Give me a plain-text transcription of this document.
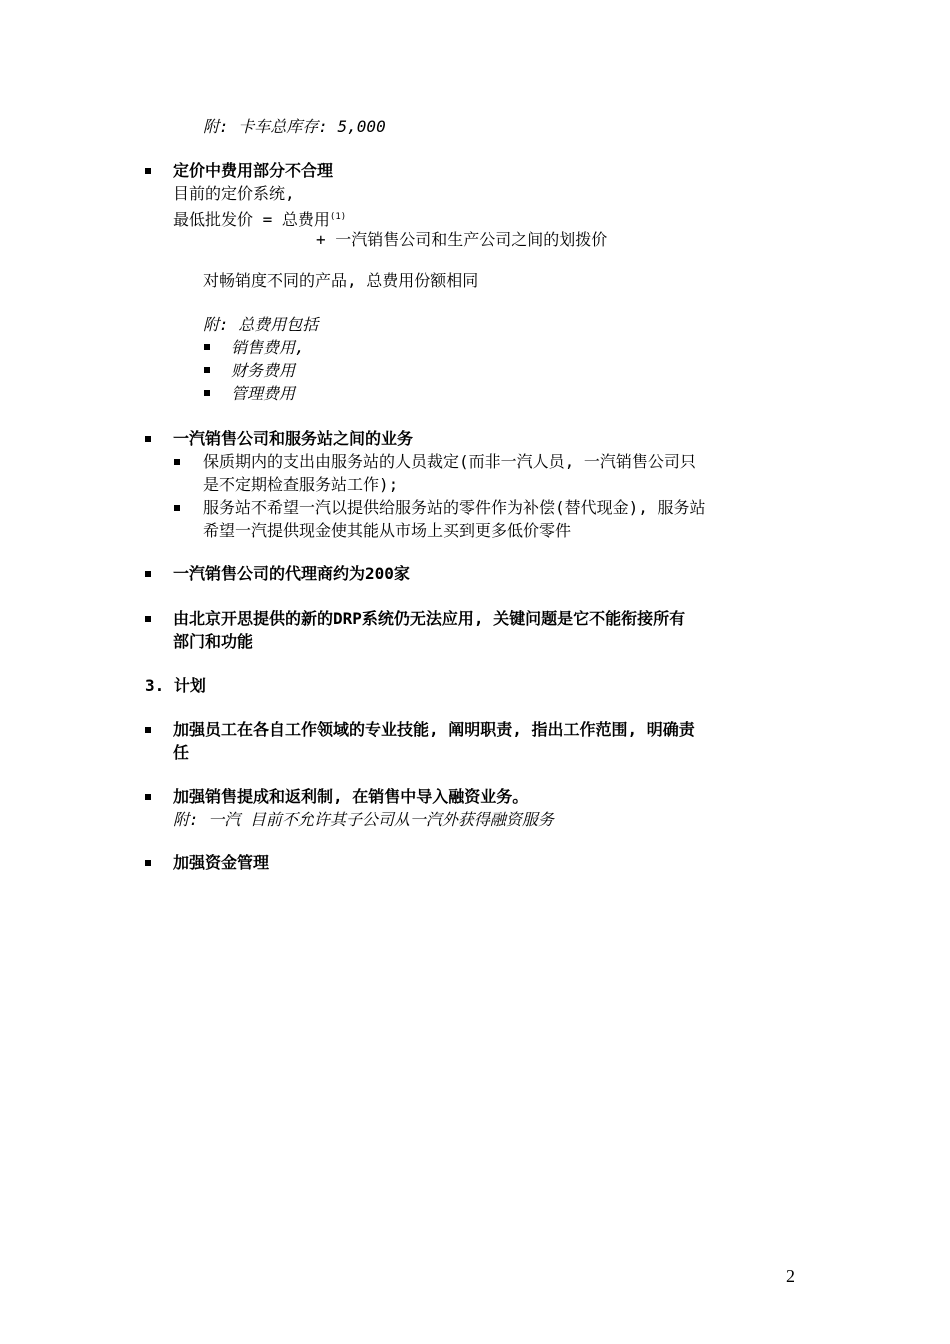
附: 卡车总库存: 5,000
定价中费用部分不合理
目前的定价系统,
最低批发价 = 总费用$^{(1)}$
+ 一汽销售公司和生产公司之间的划拨价
对畅销度不同的产品, 总费用份额相同
附: 总费用包括
销售费用,
财务费用
管理费用
一汽销售公司和服务站之间的业务
保质期内的支出由服务站的人员裁定(而非一汽人员, 一汽销售公司只
是不定期检查服务站工作);
服务站不希望一汽以提供给服务站的零件作为补偿(替代现金), 服务站
希望一汽提供现金使其能从市场上买到更多低价零件
一汽销售公司的代理商约为200家
由北京开思提供的新的DRP系统仍无法应用, 关键问题是它不能衔接所有
部门和功能
3. 计划
加强员工在各自工作领域的专业技能, 阐明职责, 指出工作范围, 明确责
任
加强销售提成和返利制, 在销售中导入融资业务。
附: 一汽 目前不允许其子公司从一汽外获得融资服务
加强资金管理
2
